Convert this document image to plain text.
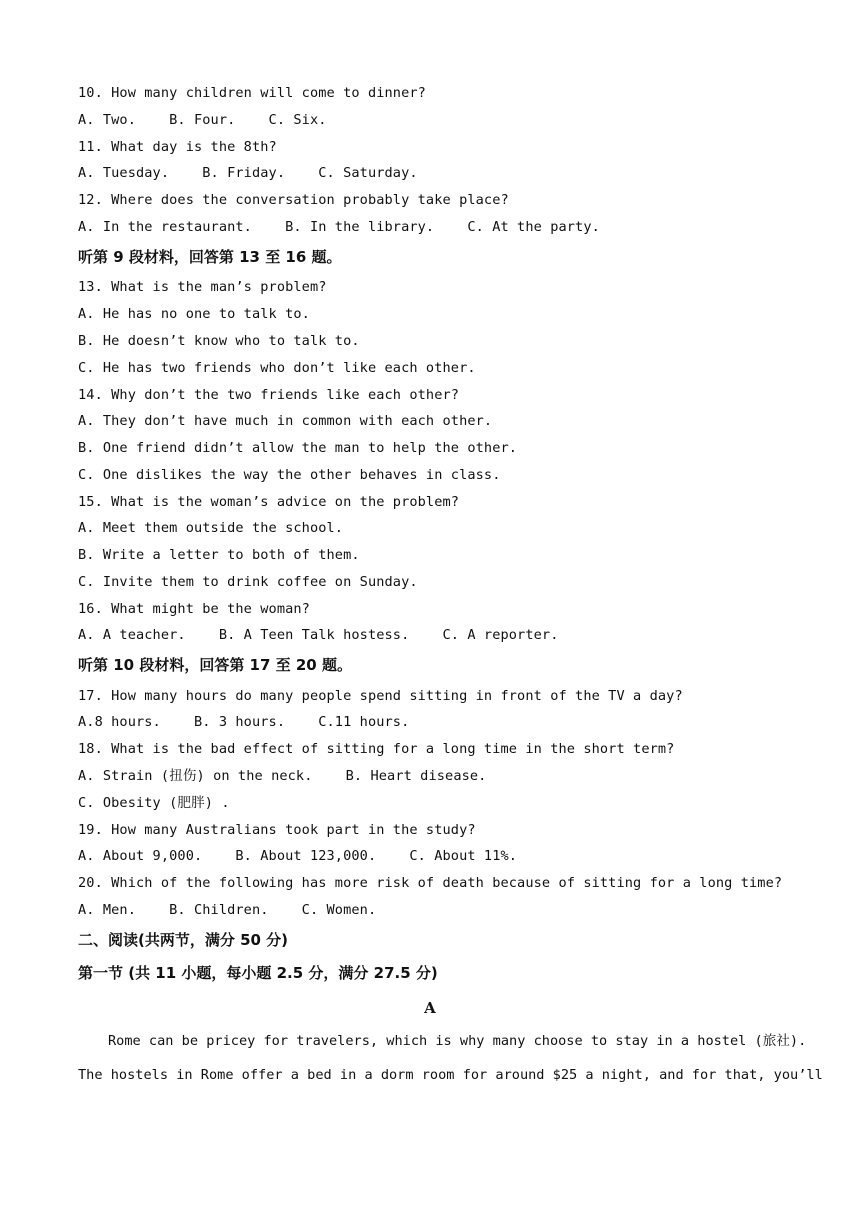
10. How many children will come to dinner?
A. Two.    B. Four.    C. Six.
11. What day is the 8th?
A. Tuesday.    B. Friday.    C. Saturday.
12. Where does the conversation probably take place?
A. In the restaurant.    B. In the library.    C. At the party.
听第 9 段材料，回答第 13 至 16 题。
13. What is the man’s problem?
A. He has no one to talk to.
B. He doesn’t know who to talk to.
C. He has two friends who don’t like each other.
14. Why don’t the two friends like each other?
A. They don’t have much in common with each other.
B. One friend didn’t allow the man to help the other.
C. One dislikes the way the other behaves in class.
15. What is the woman’s advice on the problem?
A. Meet them outside the school.
B. Write a letter to both of them.
C. Invite them to drink coffee on Sunday.
16. What might be the woman?
A. A teacher.    B. A Teen Talk hostess.    C. A reporter.
听第 10 段材料，回答第 17 至 20 题。
17. How many hours do many people spend sitting in front of the TV a day?
A.8 hours.    B. 3 hours.    C.11 hours.
18. What is the bad effect of sitting for a long time in the short term?
A. Strain (扭伤) on the neck.    B. Heart disease.
C. Obesity (肥胖) .
19. How many Australians took part in the study?
A. About 9,000.    B. About 123,000.    C. About 11%.
20. Which of the following has more risk of death because of sitting for a long time?
A. Men.    B. Children.    C. Women.
二、阅读(共两节，满分 50 分)
第一节 (共 11 小题，每小题 2.5 分，满分 27.5 分)
A
Rome can be pricey for travelers, which is why many choose to stay in a hostel (旅社).
The hostels in Rome offer a bed in a dorm room for around $25 a night, and for that, you’ll
